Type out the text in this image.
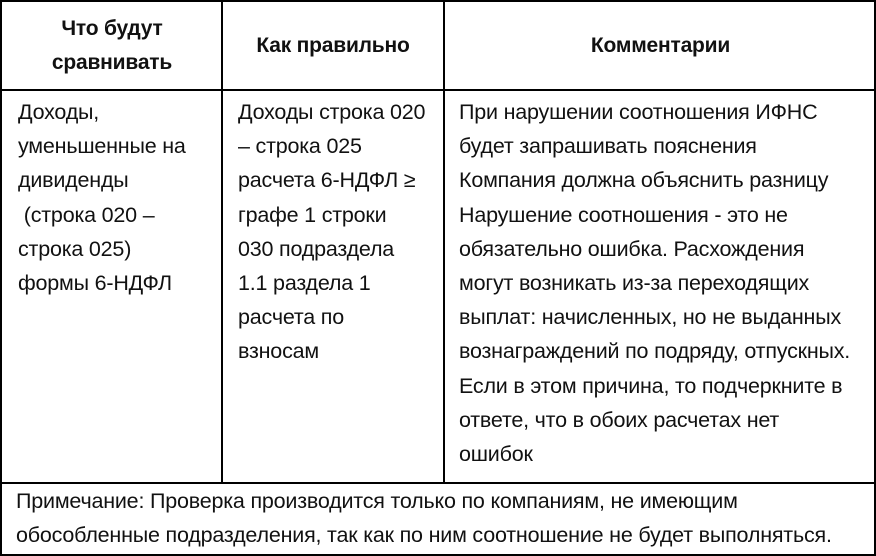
Что будут
сравнивать
Как правильно	Комментарии
Доходы,
уменьшенные на
дивиденды
(строка 020 –
строка 025)
формы 6-НДФЛ
Доходы строка 020
– строка 025
расчета 6-НДФЛ ≥
графе 1 строки
030 подраздела
1.1 раздела 1
расчета по
взносам
При нарушении соотношения ИФНС
будет запрашивать пояснения
Компания должна объяснить разницу
Нарушение соотношения - это не
обязательно ошибка. Расхождения
могут возникать из-за переходящих
выплат: начисленных, но не выданных
вознаграждений по подряду, отпускных.
Если в этом причина, то подчеркните в
ответе, что в обоих расчетах нет
ошибок
Примечание: Проверка производится только по компаниям, не имеющим
обособленные подразделения, так как по ним соотношение не будет выполняться.
